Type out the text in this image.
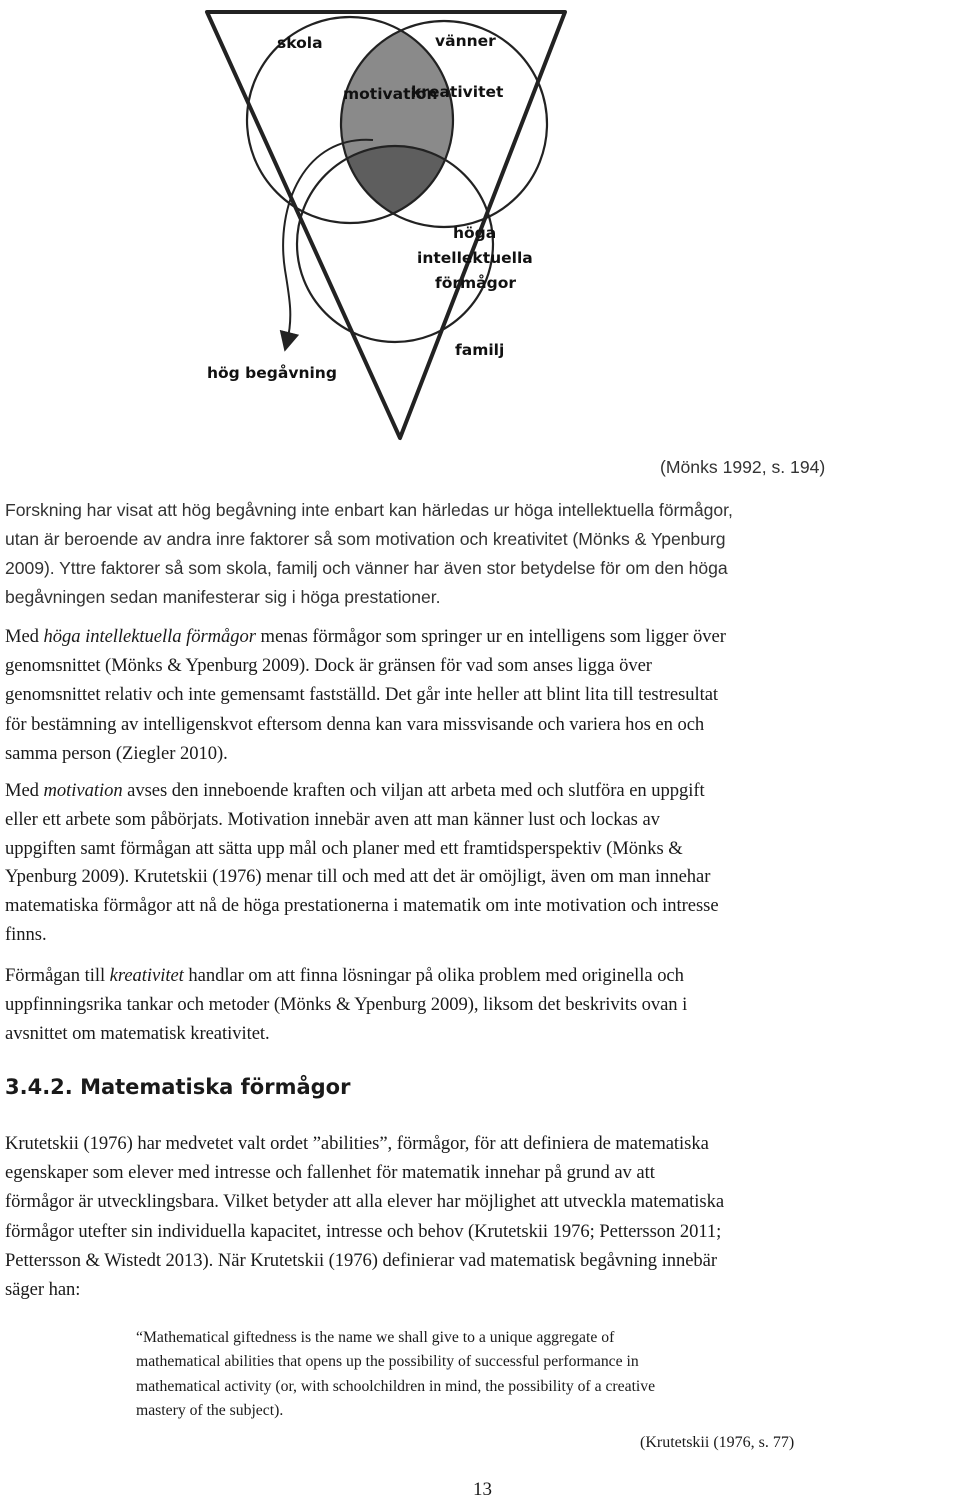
skola	vänner
motivation
kreativitet
höga
intellektuella
förmågor
familj
hög begåvning
(Mönks 1992, s. 194)

Forskning har visat att hög begåvning inte enbart kan härledas ur höga intellektuella förmågor,
utan är beroende av andra inre faktorer så som motivation och kreativitet (Mönks & Ypenburg
2009). Yttre faktorer så som skola, familj och vänner har även stor betydelse för om den höga
begåvningen sedan manifesterar sig i höga prestationer.

Med höga intellektuella förmågor menas förmågor som springer ur en intelligens som ligger över
genomsnittet (Mönks & Ypenburg 2009). Dock är gränsen för vad som anses ligga över
genomsnittet relativ och inte gemensamt fastställd. Det går inte heller att blint lita till testresultat
för bestämning av intelligenskvot eftersom denna kan vara missvisande och variera hos en och
samma person (Ziegler 2010).

Med motivation avses den inneboende kraften och viljan att arbeta med och slutföra en uppgift
eller ett arbete som påbörjats. Motivation innebär aven att man känner lust och lockas av
uppgiften samt förmågan att sätta upp mål och planer med ett framtidsperspektiv (Mönks &
Ypenburg 2009). Krutetskii (1976) menar till och med att det är omöjligt, även om man innehar
matematiska förmågor att nå de höga prestationerna i matematik om inte motivation och intresse
finns.

Förmågan till kreativitet handlar om att finna lösningar på olika problem med originella och
uppfinningsrika tankar och metoder (Mönks & Ypenburg 2009), liksom det beskrivits ovan i
avsnittet om matematisk kreativitet.

3.4.2. Matematiska förmågor

Krutetskii (1976) har medvetet valt ordet ”abilities”, förmågor, för att definiera de matematiska
egenskaper som elever med intresse och fallenhet för matematik innehar på grund av att
förmågor är utvecklingsbara. Vilket betyder att alla elever har möjlighet att utveckla matematiska
förmågor utefter sin individuella kapacitet, intresse och behov (Krutetskii 1976; Pettersson 2011;
Pettersson & Wistedt 2013). När Krutetskii (1976) definierar vad matematisk begåvning innebär
säger han:

“Mathematical giftedness is the name we shall give to a unique aggregate of
mathematical abilities that opens up the possibility of successful performance in
mathematical activity (or, with schoolchildren in mind, the possibility of a creative
mastery of the subject).

(Krutetskii (1976, s. 77)
13
